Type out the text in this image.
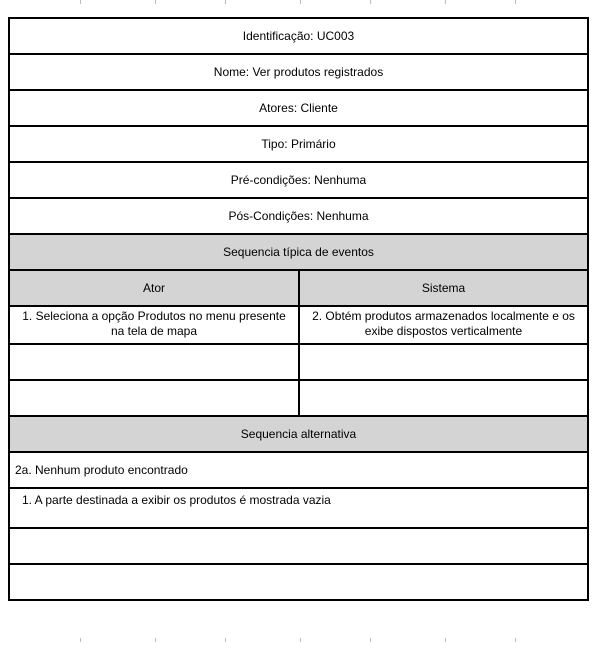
Identificação: UC003	
Nome: Ver produtos registrados	
Atores: Cliente	
Tipo: Primário	
Pré-condições: Nenhuma	
Pós-Condições: Nenhuma	
Sequencia típica de eventos	
Ator	Sistema
1. Seleciona a opção Produtos no menu presente na tela de mapa	2. Obtém produtos armazenados localmente e os exibe dispostos verticalmente

Sequencia alternativa	
2a. Nenhum produto encontrado	
1. A parte destinada a exibir os produtos é mostrada vazia	
